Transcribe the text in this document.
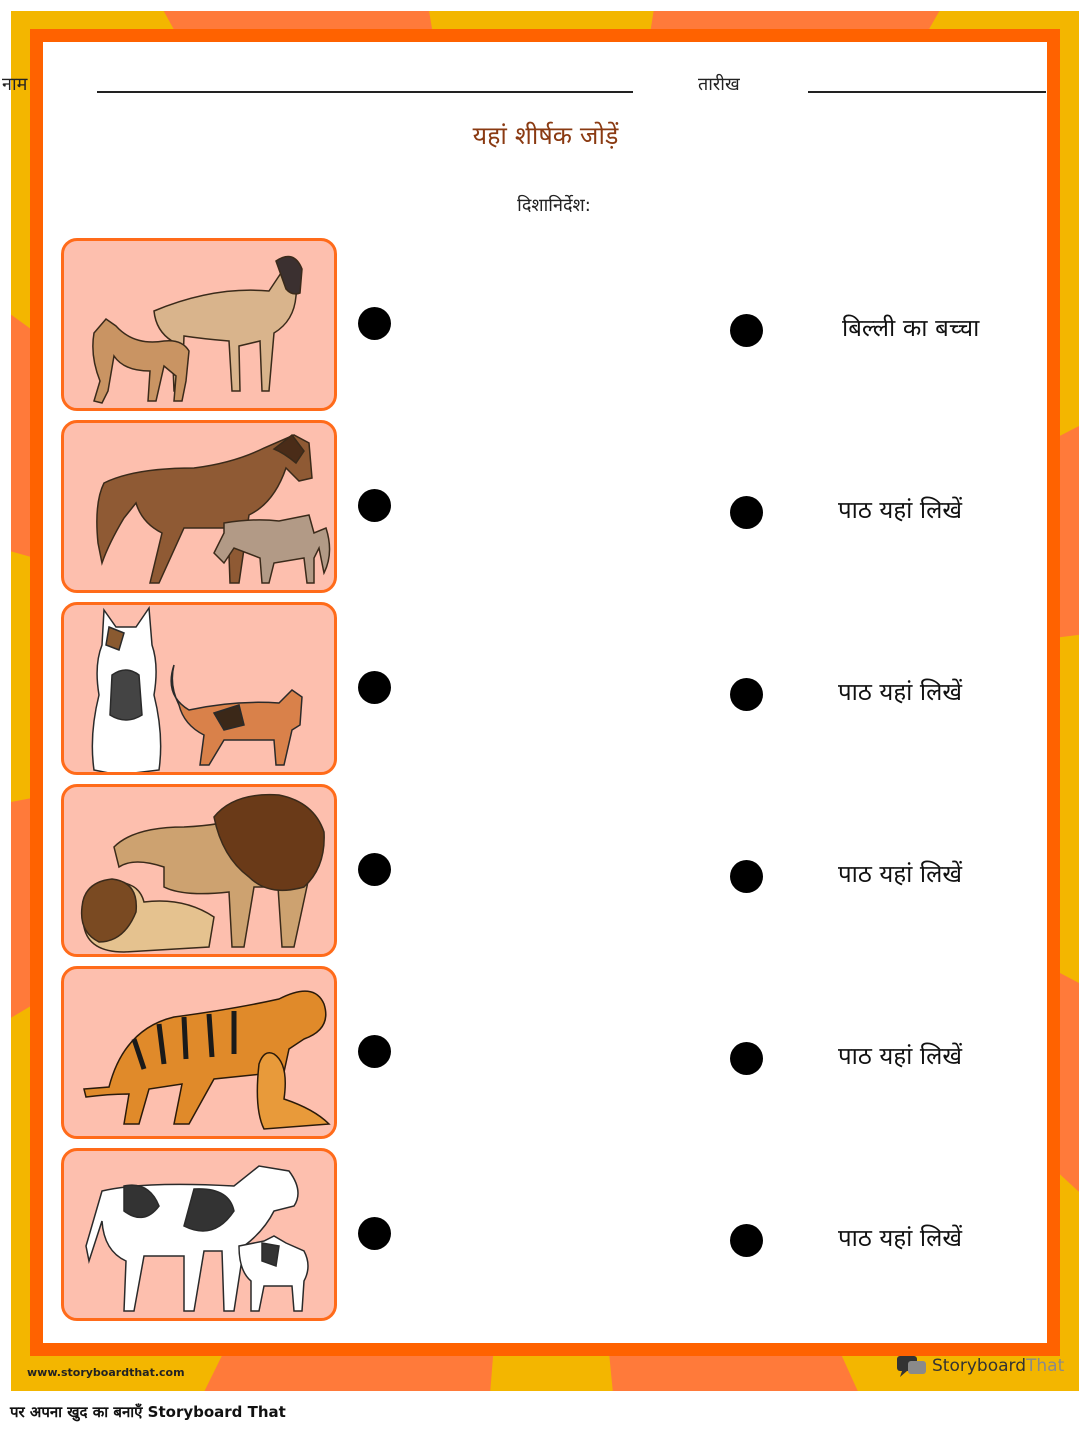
नाम	तारीख
यहां शीर्षक जोड़ें
दिशानिर्देश:
बिल्ली का बच्चा
पाठ यहां लिखें
पाठ यहां लिखें
पाठ यहां लिखें
पाठ यहां लिखें
पाठ यहां लिखें
www.storyboardthat.com	StoryboardThat
पर अपना खुद का बनाएँ Storyboard That
